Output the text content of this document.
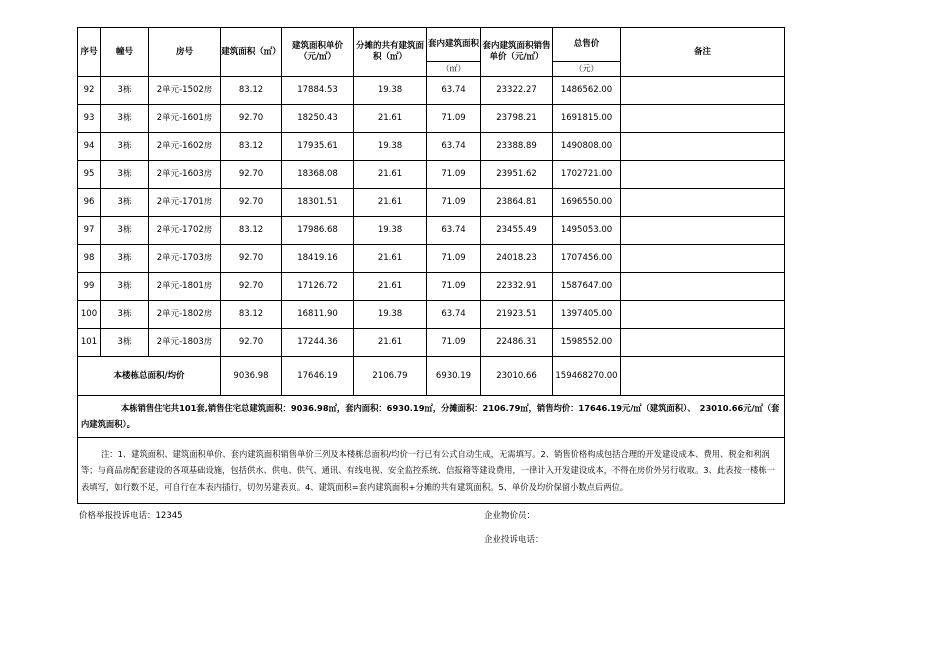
序号	幢号	房号	建筑面积（㎡）	建筑面积单价（元/㎡）	分摊的共有建筑面积（㎡）	套内建筑面积	套内建筑面积销售单价（元/㎡）	总售价	备注
						（㎡）		（元）	
92	3栋	2单元-1502房	83.12	17884.53	19.38	63.74	23322.27	1486562.00	
93	3栋	2单元-1601房	92.70	18250.43	21.61	71.09	23798.21	1691815.00	
94	3栋	2单元-1602房	83.12	17935.61	19.38	63.74	23388.89	1490808.00	
95	3栋	2单元-1603房	92.70	18368.08	21.61	71.09	23951.62	1702721.00	
96	3栋	2单元-1701房	92.70	18301.51	21.61	71.09	23864.81	1696550.00	
97	3栋	2单元-1702房	83.12	17986.68	19.38	63.74	23455.49	1495053.00	
98	3栋	2单元-1703房	92.70	18419.16	21.61	71.09	24018.23	1707456.00	
99	3栋	2单元-1801房	92.70	17126.72	21.61	71.09	22332.91	1587647.00	
100	3栋	2单元-1802房	83.12	16811.90	19.38	63.74	21923.51	1397405.00	
101	3栋	2单元-1803房	92.70	17244.36	21.61	71.09	22486.31	1598552.00	
本楼栋总面积/均价			9036.98	17646.19	2106.79	6930.19	23010.66	159468270.00	
本栋销售住宅共101套,销售住宅总建筑面积：9036.98㎡，套内面积：6930.19㎡，分摊面积：2106.79㎡，销售均价：17646.19元/㎡（建筑面积）、　23010.66元/㎡（套内建筑面积）。									
注：1、建筑面积、建筑面积单价、套内建筑面积销售单价三列及本楼栋总面积/均价一行已有公式自动生成，无需填写。2、销售价格构成包括合理的开发建设成本、费用、税金和利润等；与商品房配套建设的各项基础设施，包括供水、供电、供气、通讯、有线电视、安全监控系统、信报箱等建设费用，一律计入开发建设成本，不得在房价外另行收取。3、此表按一楼栋一表填写，如行数不足，可自行在本表内插行，切勿另建表页。4、建筑面积=套内建筑面积+分摊的共有建筑面积。5、单价及均价保留小数点后两位。									
价格举报投诉电话：12345	企业物价员：
企业投诉电话：
